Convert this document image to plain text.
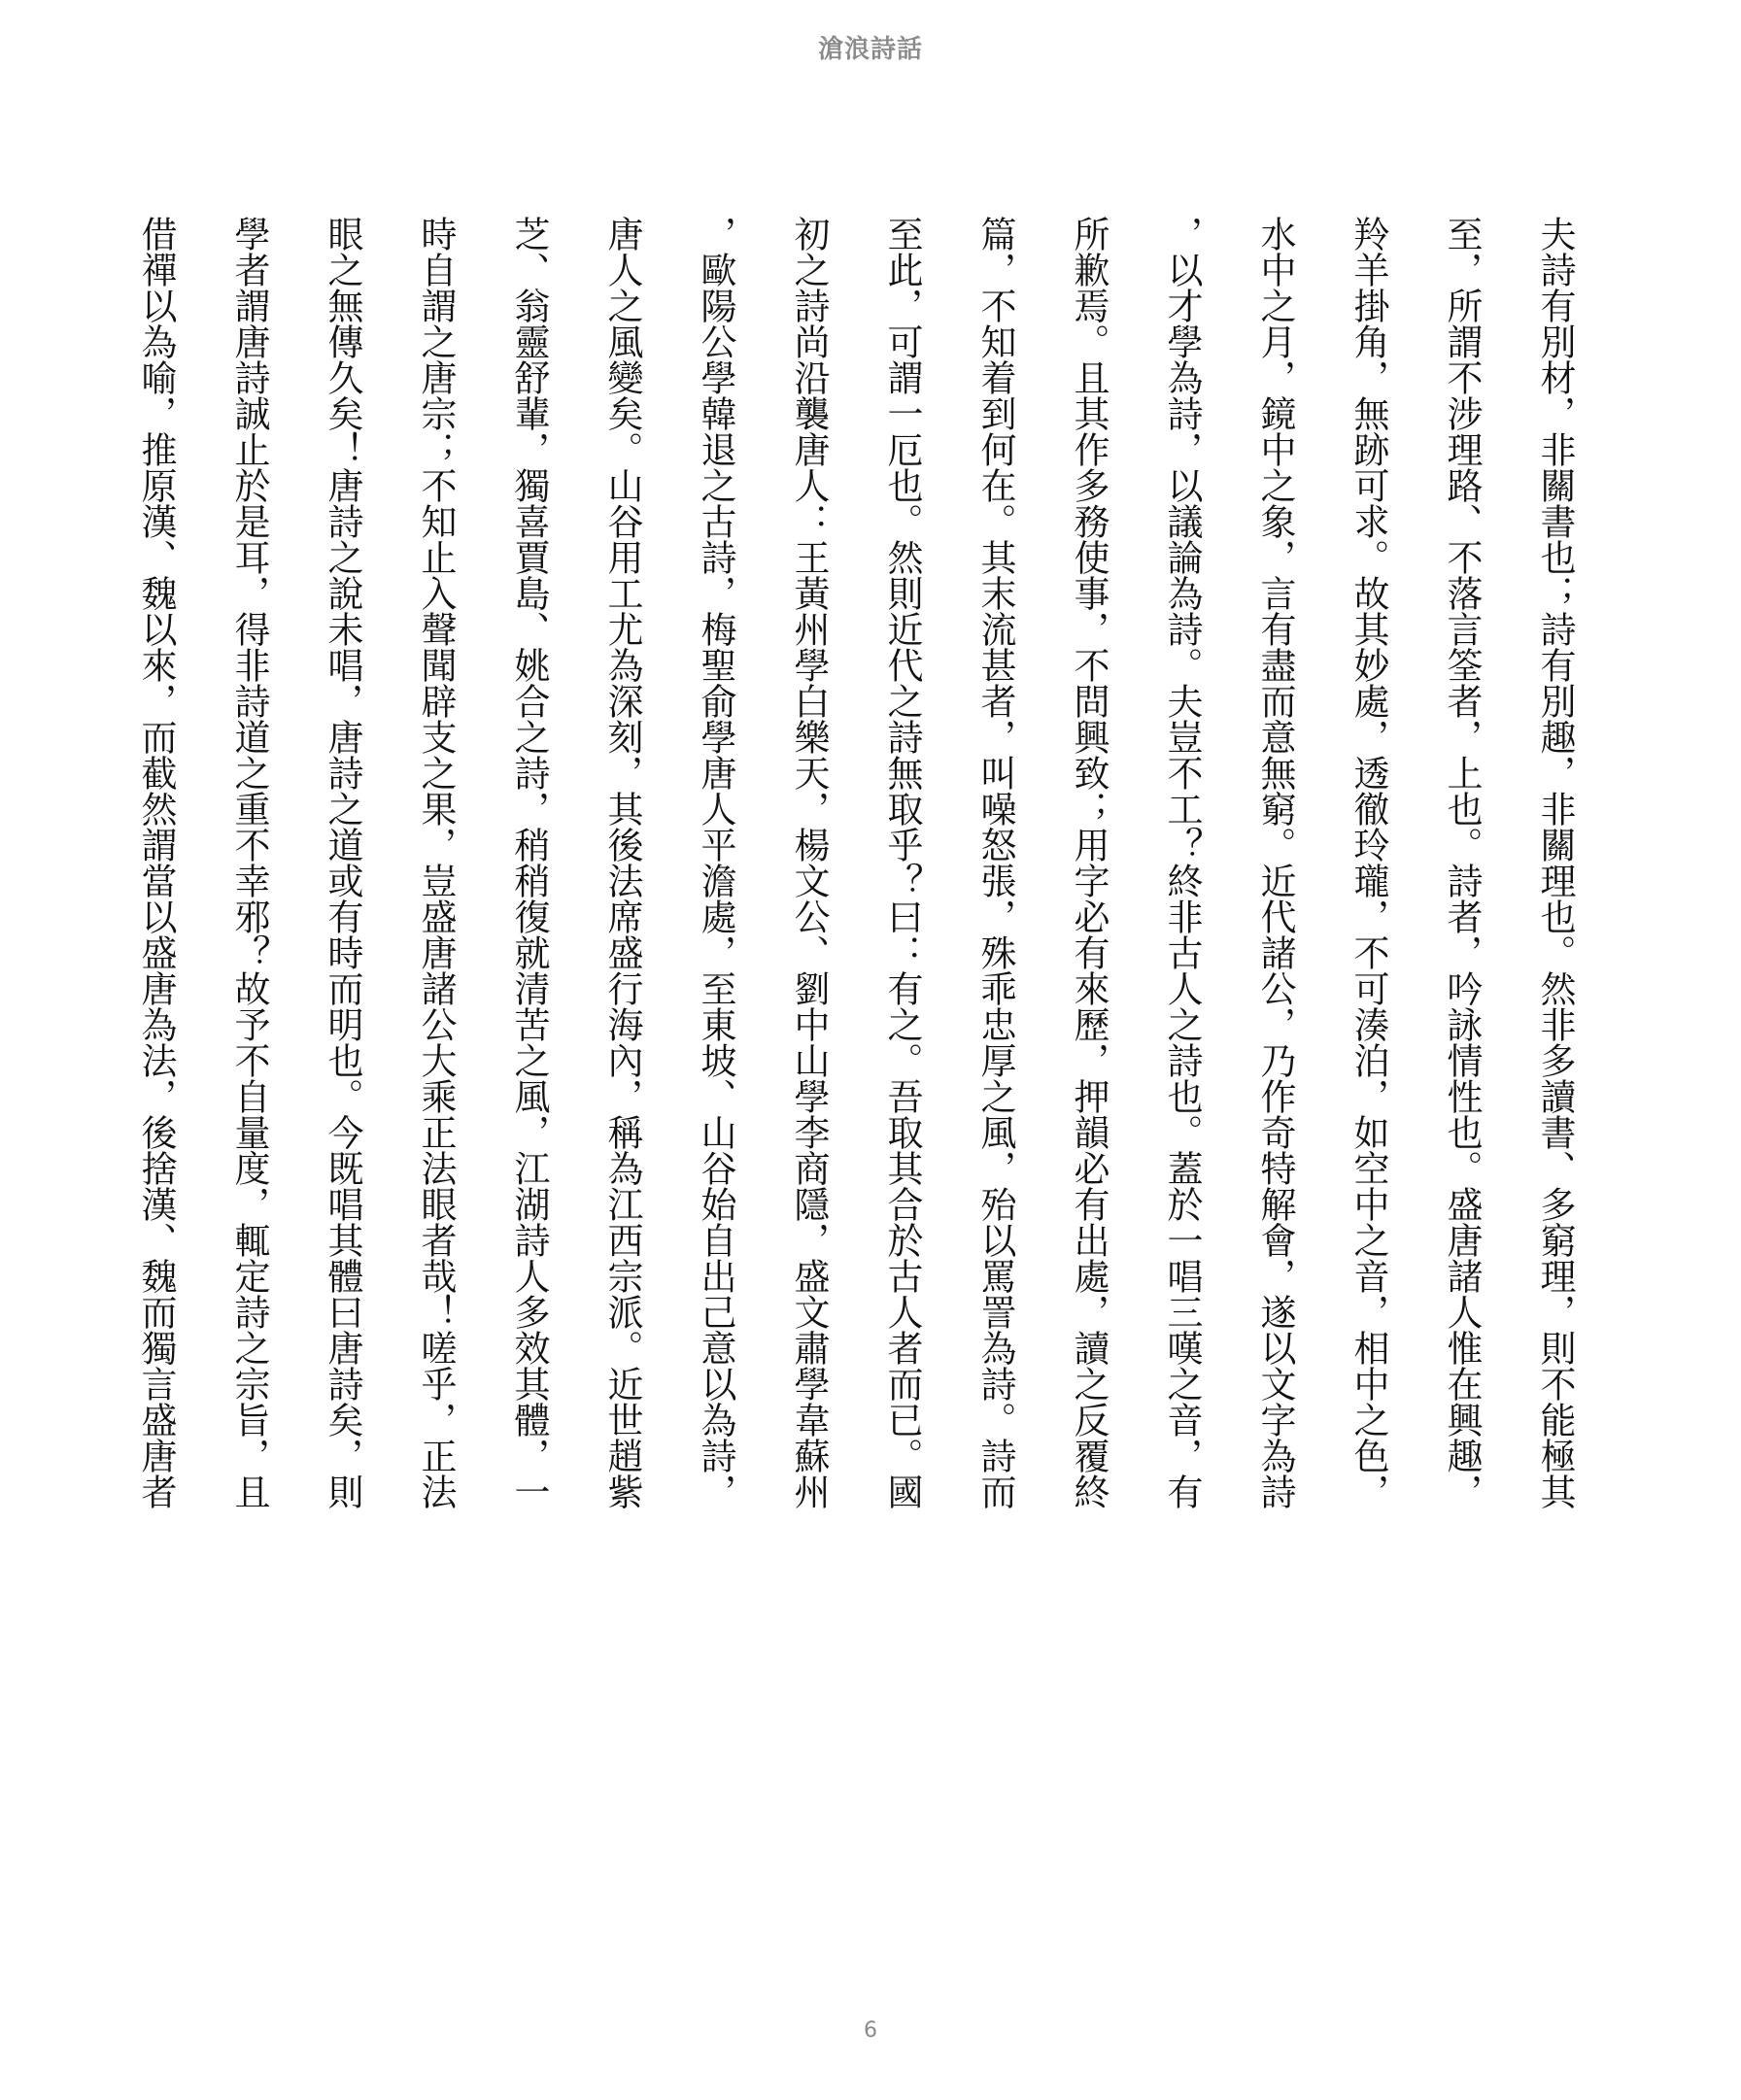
滄浪詩話
夫詩有別材，非關書也；詩有別趣，非關理也。然非多讀書、多窮理，則不能極其
至，所謂不涉理路、不落言筌者，上也。詩者，吟詠情性也。盛唐諸人惟在興趣，
羚羊掛角，無跡可求。故其妙處，透徹玲瓏，不可湊泊，如空中之音，相中之色，
水中之月，鏡中之象，言有盡而意無窮。近代諸公，乃作奇特解會，遂以文字為詩
，以才學為詩，以議論為詩。夫豈不工？終非古人之詩也。蓋於一唱三嘆之音，有
所歉焉。且其作多務使事，不問興致；用字必有來歷，押韻必有出處，讀之反覆終
篇，不知着到何在。其末流甚者，叫噪怒張，殊乖忠厚之風，殆以罵詈為詩。詩而
至此，可謂一厄也。然則近代之詩無取乎？曰：有之。吾取其合於古人者而已。國
初之詩尚沿襲唐人：王黃州學白樂天，楊文公、劉中山學李商隱，盛文肅學韋蘇州
，歐陽公學韓退之古詩，梅聖俞學唐人平澹處，至東坡、山谷始自出己意以為詩，
唐人之風變矣。山谷用工尤為深刻，其後法席盛行海內，稱為江西宗派。近世趙紫
芝、翁靈舒輩，獨喜賈島、姚合之詩，稍稍復就清苦之風，江湖詩人多效其體，一
時自謂之唐宗；不知止入聲聞辟支之果，豈盛唐諸公大乘正法眼者哉！嗟乎，正法
眼之無傳久矣！唐詩之說未唱，唐詩之道或有時而明也。今既唱其體曰唐詩矣，則
學者謂唐詩誠止於是耳，得非詩道之重不幸邪？故予不自量度，輒定詩之宗旨，且
借禪以為喻，推原漢、魏以來，而截然謂當以盛唐為法，後捨漢、魏而獨言盛唐者
6
